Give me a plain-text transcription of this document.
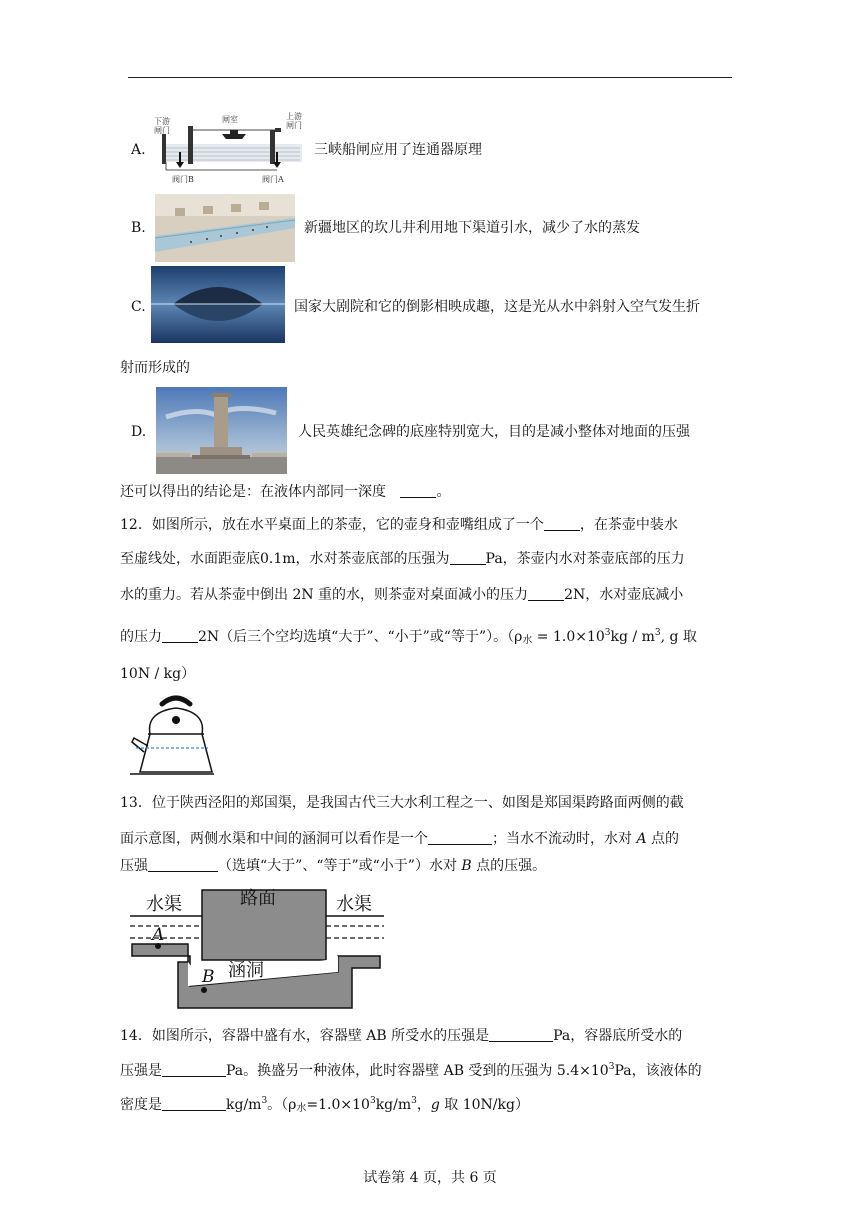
A.
下游
闸门
闸室	上游
闸门
阀门B	阀门A
三峡船闸应用了连通器原理
B.	新疆地区的坎儿井利用地下渠道引水，减少了水的蒸发
C.	国家大剧院和它的倒影相映成趣，这是光从水中斜射入空气发生折
射而形成的
D.	人民英雄纪念碑的底座特别宽大，目的是减小整体对地面的压强
还可以得出的结论是：在液体内部同一深度	。
12．如图所示，放在水平桌面上的茶壶，它的壶身和壶嘴组成了一个	，在茶壶中装水
至虚线处，水面距壶底0.1m，水对茶壶底部的压强为	Pa，茶壶内水对茶壶底部的压力
水的重力。若从茶壶中倒出 2N 重的水，则茶壶对桌面减小的压力	2N，水对壶底减小
的压力	2N（后三个空均选填“大于”、“小于”或“等于”）。（$\rho_水 = 1.0\times 10^3kg / m^3$, g 取
10N / kg）
13．位于陕西泾阳的郑国渠，是我国古代三大水利工程之一、如图是郑国渠跨路面两侧的截
面示意图，两侧水渠和中间的涵洞可以看作是一个	；当水不流动时，水对 A 点的
压强	（选填“大于”、“等于”或“小于”）水对 B 点的压强。
路面
水渠	水渠
涵洞
A
B
14．如图所示，容器中盛有水，容器壁 AB 所受水的压强是	Pa，容器底所受水的
压强是	Pa。换盛另一种液体，此时容器壁 AB 受到的压强为 $5.4\times 10^3Pa$，该液体的
密度是	$kg/m^3$。（$\rho_水=1.0\times 10^3kg/m^3$，g 取 10N/kg）
试卷第 4 页，共 6 页
